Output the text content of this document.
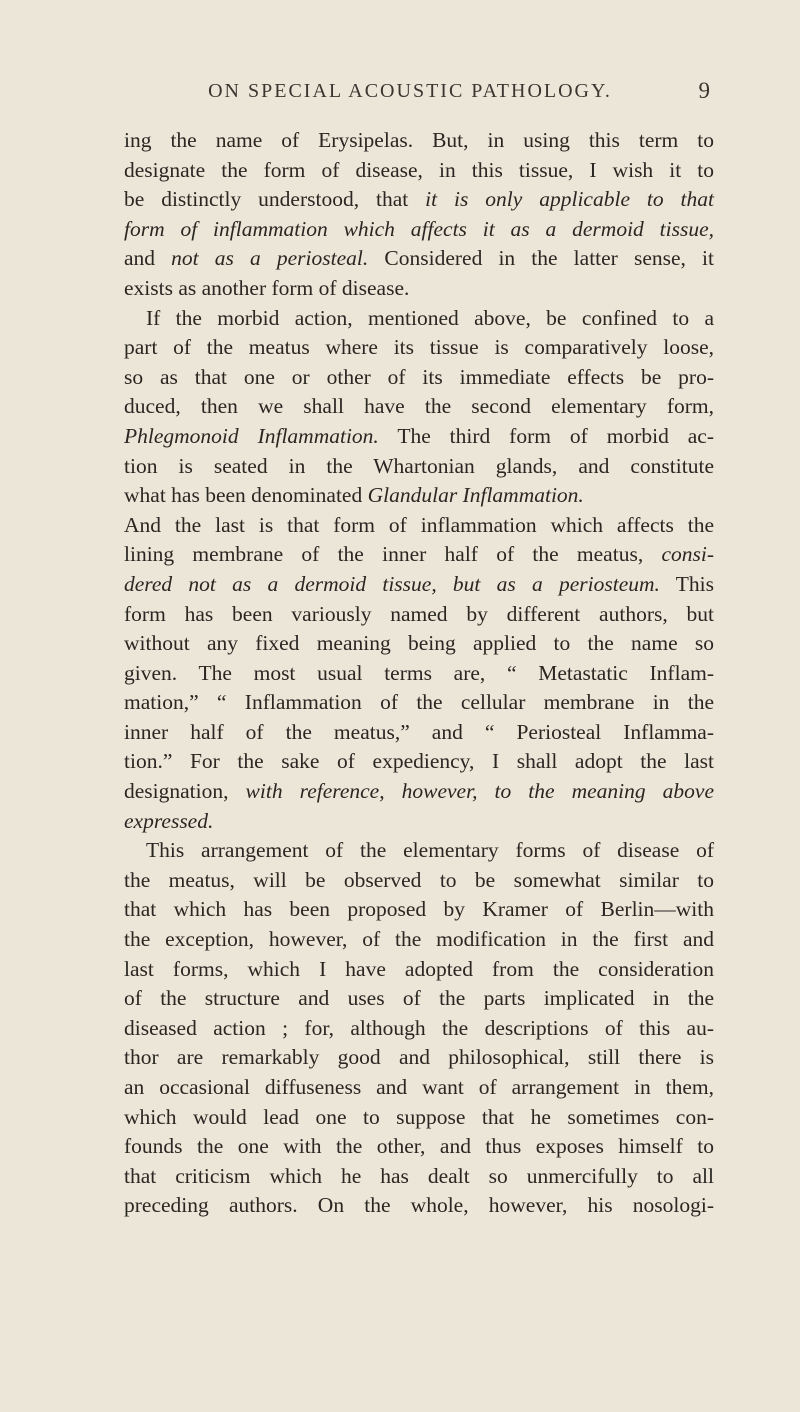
ON SPECIAL ACOUSTIC PATHOLOGY.	9
ing the name of Erysipelas. But, in using this term to
designate the form of disease, in this tissue, I wish it to
be distinctly understood, that it is only applicable to that
form of inflammation which affects it as a dermoid tissue,
and not as a periosteal. Considered in the latter sense, it
exists as another form of disease.
If the morbid action, mentioned above, be confined to a
part of the meatus where its tissue is comparatively loose,
so as that one or other of its immediate effects be pro-
duced, then we shall have the second elementary form,
Phlegmonoid Inflammation. The third form of morbid ac-
tion is seated in the Whartonian glands, and constitute
what has been denominated Glandular Inflammation.
And the last is that form of inflammation which affects the
lining membrane of the inner half of the meatus, consi-
dered not as a dermoid tissue, but as a periosteum. This
form has been variously named by different authors, but
without any fixed meaning being applied to the name so
given. The most usual terms are, “ Metastatic Inflam-
mation,” “ Inflammation of the cellular membrane in the
inner half of the meatus,” and “ Periosteal Inflamma-
tion.” For the sake of expediency, I shall adopt the last
designation, with reference, however, to the meaning above
expressed.
This arrangement of the elementary forms of disease of
the meatus, will be observed to be somewhat similar to
that which has been proposed by Kramer of Berlin—with
the exception, however, of the modification in the first and
last forms, which I have adopted from the consideration
of the structure and uses of the parts implicated in the
diseased action ; for, although the descriptions of this au-
thor are remarkably good and philosophical, still there is
an occasional diffuseness and want of arrangement in them,
which would lead one to suppose that he sometimes con-
founds the one with the other, and thus exposes himself to
that criticism which he has dealt so unmercifully to all
preceding authors. On the whole, however, his nosologi-
